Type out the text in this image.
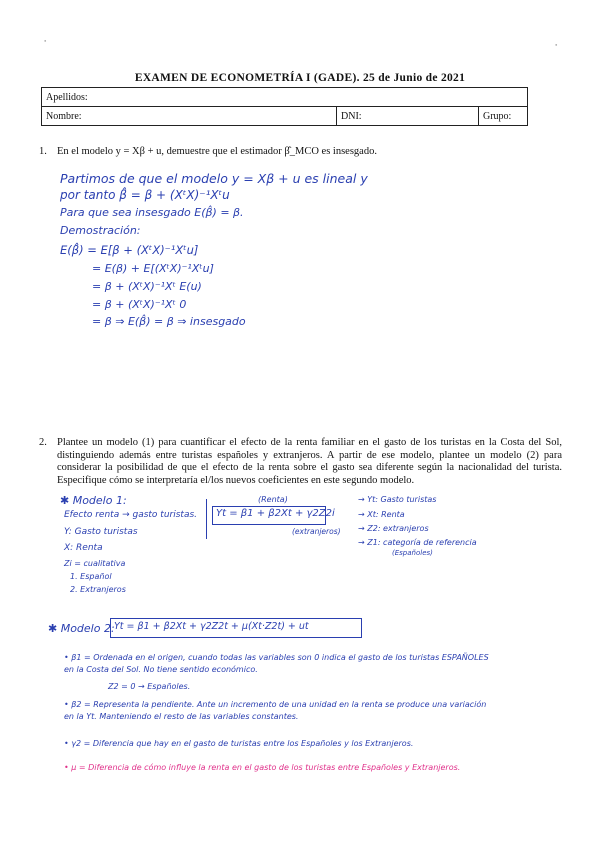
●
●
EXAMEN DE ECONOMETRÍA I (GADE). 25 de Junio de 2021
Apellidos:
Nombre:	DNI:	Grupo:
1. En el modelo y = Xβ + u, demuestre que el estimador β̂_MCO es insesgado.
Partimos de que el modelo y = Xβ + u es lineal y
por tanto β̂ = β + (XᵗX)⁻¹Xᵗu
Para que sea insesgado E(β̂) = β.
Demostración:
E(β̂) = E[β + (XᵗX)⁻¹Xᵗu]
= E(β) + E[(XᵗX)⁻¹Xᵗu]
= β + (XᵗX)⁻¹Xᵗ E(u)
= β + (XᵗX)⁻¹Xᵗ 0
= β ⇒ E(β̂) = β ⇒ insesgado
2. Plantee un modelo (1) para cuantificar el efecto de la renta familiar en el gasto de los turistas en la Costa del Sol, distinguiendo además entre turistas españoles y extranjeros. A partir de ese modelo, plantee un modelo (2) para considerar la posibilidad de que el efecto de la renta sobre el gasto sea diferente según la nacionalidad del turista. Especifique cómo se interpretaría el/los nuevos coeficientes en este segundo modelo.
✱ Modelo 1:
Efecto renta → gasto turistas.
Y: Gasto turistas
X: Renta
Zi = cualitativa
1. Español
2. Extranjeros
(Renta)
Yt = β1 + β2Xt + γ2Z2i
(extranjeros)
→ Yt: Gasto turistas
→ Xt: Renta
→ Z2: extranjeros
→ Z1: categoría de referencia
(Españoles)
✱ Modelo 2: Yt = β1 + β2Xt + γ2Z2t + μ(Xt·Z2t) + ut
• β1 = Ordenada en el origen, cuando todas las variables son 0 indica el gasto de los turistas ESPAÑOLES en la Costa del Sol. No tiene sentido económico.
Z2 = 0 → Españoles.
• β2 = Representa la pendiente. Ante un incremento de una unidad en la renta se produce una variación en la Yt. Manteniendo el resto de las variables constantes.
• γ2 = Diferencia que hay en el gasto de turistas entre los Españoles y los Extranjeros.
• μ = Diferencia de cómo influye la renta en el gasto de los turistas entre Españoles y Extranjeros.
